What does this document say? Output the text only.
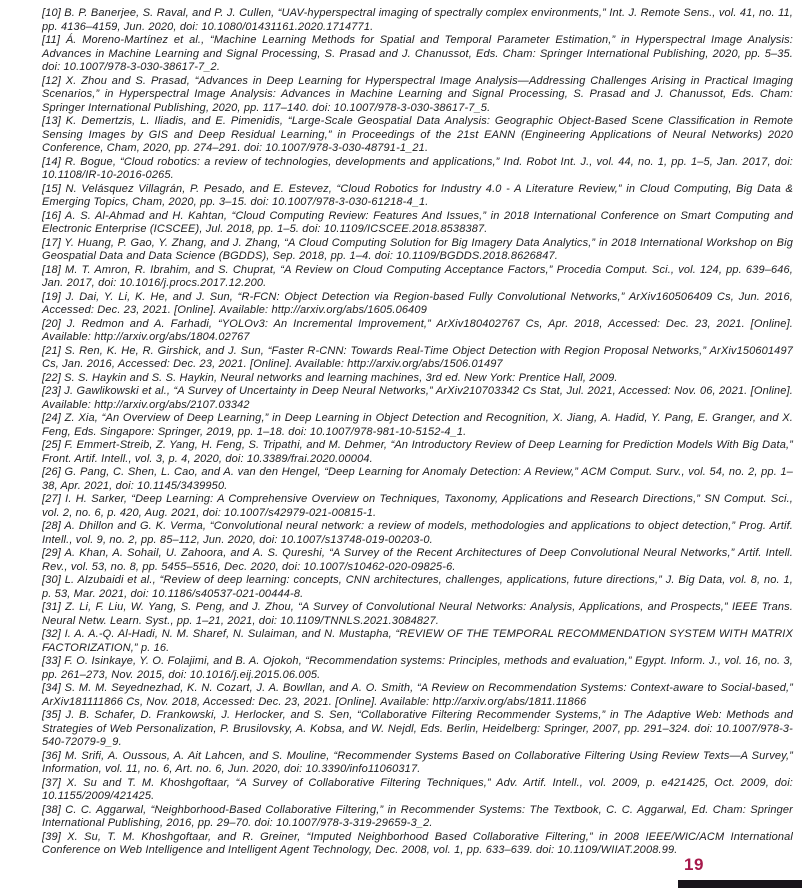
[10] B. P. Banerjee, S. Raval, and P. J. Cullen, “UAV-hyperspectral imaging of spectrally complex environments,” Int. J. Remote Sens., vol. 41, no. 11, pp. 4136–4159, Jun. 2020, doi: 10.1080/01431161.2020.1714771.

[11] Á. Moreno-Martínez et al., “Machine Learning Methods for Spatial and Temporal Parameter Estimation,” in Hyperspectral Image Analysis: Advances in Machine Learning and Signal Processing, S. Prasad and J. Chanussot, Eds. Cham: Springer International Publishing, 2020, pp. 5–35. doi: 10.1007/978-3-030-38617-7_2.

[12] X. Zhou and S. Prasad, “Advances in Deep Learning for Hyperspectral Image Analysis—Addressing Challenges Arising in Practical Imaging Scenarios,” in Hyperspectral Image Analysis: Advances in Machine Learning and Signal Processing, S. Prasad and J. Chanussot, Eds. Cham: Springer International Publishing, 2020, pp. 117–140. doi: 10.1007/978-3-030-38617-7_5.

[13] K. Demertzis, L. Iliadis, and E. Pimenidis, “Large-Scale Geospatial Data Analysis: Geographic Object-Based Scene Classification in Remote Sensing Images by GIS and Deep Residual Learning,” in Proceedings of the 21st EANN (Engineering Applications of Neural Networks) 2020 Conference, Cham, 2020, pp. 274–291. doi: 10.1007/978-3-030-48791-1_21.

[14] R. Bogue, “Cloud robotics: a review of technologies, developments and applications,” Ind. Robot Int. J., vol. 44, no. 1, pp. 1–5, Jan. 2017, doi: 10.1108/IR-10-2016-0265.

[15] N. Velásquez Villagrán, P. Pesado, and E. Estevez, “Cloud Robotics for Industry 4.0 - A Literature Review,” in Cloud Computing, Big Data & Emerging Topics, Cham, 2020, pp. 3–15. doi: 10.1007/978-3-030-61218-4_1.

[16] A. S. Al-Ahmad and H. Kahtan, “Cloud Computing Review: Features And Issues,” in 2018 International Conference on Smart Computing and Electronic Enterprise (ICSCEE), Jul. 2018, pp. 1–5. doi: 10.1109/ICSCEE.2018.8538387.

[17] Y. Huang, P. Gao, Y. Zhang, and J. Zhang, “A Cloud Computing Solution for Big Imagery Data Analytics,” in 2018 International Workshop on Big Geospatial Data and Data Science (BGDDS), Sep. 2018, pp. 1–4. doi: 10.1109/BGDDS.2018.8626847.

[18] M. T. Amron, R. Ibrahim, and S. Chuprat, “A Review on Cloud Computing Acceptance Factors,” Procedia Comput. Sci., vol. 124, pp. 639–646, Jan. 2017, doi: 10.1016/j.procs.2017.12.200.

[19] J. Dai, Y. Li, K. He, and J. Sun, “R-FCN: Object Detection via Region-based Fully Convolutional Networks,” ArXiv160506409 Cs, Jun. 2016, Accessed: Dec. 23, 2021. [Online]. Available: http://arxiv.org/abs/1605.06409

[20] J. Redmon and A. Farhadi, “YOLOv3: An Incremental Improvement,” ArXiv180402767 Cs, Apr. 2018, Accessed: Dec. 23, 2021. [Online]. Available: http://arxiv.org/abs/1804.02767

[21] S. Ren, K. He, R. Girshick, and J. Sun, “Faster R-CNN: Towards Real-Time Object Detection with Region Proposal Networks,” ArXiv150601497 Cs, Jan. 2016, Accessed: Dec. 23, 2021. [Online]. Available: http://arxiv.org/abs/1506.01497

[22] S. S. Haykin and S. S. Haykin, Neural networks and learning machines, 3rd ed. New York: Prentice Hall, 2009.

[23] J. Gawlikowski et al., “A Survey of Uncertainty in Deep Neural Networks,” ArXiv210703342 Cs Stat, Jul. 2021, Accessed: Nov. 06, 2021. [Online]. Available: http://arxiv.org/abs/2107.03342

[24] Z. Xia, “An Overview of Deep Learning,” in Deep Learning in Object Detection and Recognition, X. Jiang, A. Hadid, Y. Pang, E. Granger, and X. Feng, Eds. Singapore: Springer, 2019, pp. 1–18. doi: 10.1007/978-981-10-5152-4_1.

[25] F. Emmert-Streib, Z. Yang, H. Feng, S. Tripathi, and M. Dehmer, “An Introductory Review of Deep Learning for Prediction Models With Big Data,” Front. Artif. Intell., vol. 3, p. 4, 2020, doi: 10.3389/frai.2020.00004.

[26] G. Pang, C. Shen, L. Cao, and A. van den Hengel, “Deep Learning for Anomaly Detection: A Review,” ACM Comput. Surv., vol. 54, no. 2, pp. 1–38, Apr. 2021, doi: 10.1145/3439950.

[27] I. H. Sarker, “Deep Learning: A Comprehensive Overview on Techniques, Taxonomy, Applications and Research Directions,” SN Comput. Sci., vol. 2, no. 6, p. 420, Aug. 2021, doi: 10.1007/s42979-021-00815-1.

[28] A. Dhillon and G. K. Verma, “Convolutional neural network: a review of models, methodologies and applications to object detection,” Prog. Artif. Intell., vol. 9, no. 2, pp. 85–112, Jun. 2020, doi: 10.1007/s13748-019-00203-0.

[29] A. Khan, A. Sohail, U. Zahoora, and A. S. Qureshi, “A Survey of the Recent Architectures of Deep Convolutional Neural Networks,” Artif. Intell. Rev., vol. 53, no. 8, pp. 5455–5516, Dec. 2020, doi: 10.1007/s10462-020-09825-6.

[30] L. Alzubaidi et al., “Review of deep learning: concepts, CNN architectures, challenges, applications, future directions,” J. Big Data, vol. 8, no. 1, p. 53, Mar. 2021, doi: 10.1186/s40537-021-00444-8.

[31] Z. Li, F. Liu, W. Yang, S. Peng, and J. Zhou, “A Survey of Convolutional Neural Networks: Analysis, Applications, and Prospects,” IEEE Trans. Neural Netw. Learn. Syst., pp. 1–21, 2021, doi: 10.1109/TNNLS.2021.3084827.

[32] I. A. A.-Q. Al-Hadi, N. M. Sharef, N. Sulaiman, and N. Mustapha, “REVIEW OF THE TEMPORAL RECOMMENDATION SYSTEM WITH MATRIX FACTORIZATION,” p. 16.

[33] F. O. Isinkaye, Y. O. Folajimi, and B. A. Ojokoh, “Recommendation systems: Principles, methods and evaluation,” Egypt. Inform. J., vol. 16, no. 3, pp. 261–273, Nov. 2015, doi: 10.1016/j.eij.2015.06.005.

[34] S. M. M. Seyednezhad, K. N. Cozart, J. A. Bowllan, and A. O. Smith, “A Review on Recommendation Systems: Context-aware to Social-based,” ArXiv181111866 Cs, Nov. 2018, Accessed: Dec. 23, 2021. [Online]. Available: http://arxiv.org/abs/1811.11866

[35] J. B. Schafer, D. Frankowski, J. Herlocker, and S. Sen, “Collaborative Filtering Recommender Systems,” in The Adaptive Web: Methods and Strategies of Web Personalization, P. Brusilovsky, A. Kobsa, and W. Nejdl, Eds. Berlin, Heidelberg: Springer, 2007, pp. 291–324. doi: 10.1007/978-3-540-72079-9_9.

[36] M. Srifi, A. Oussous, A. Ait Lahcen, and S. Mouline, “Recommender Systems Based on Collaborative Filtering Using Review Texts—A Survey,” Information, vol. 11, no. 6, Art. no. 6, Jun. 2020, doi: 10.3390/info11060317.

[37] X. Su and T. M. Khoshgoftaar, “A Survey of Collaborative Filtering Techniques,” Adv. Artif. Intell., vol. 2009, p. e421425, Oct. 2009, doi: 10.1155/2009/421425.

[38] C. C. Aggarwal, “Neighborhood-Based Collaborative Filtering,” in Recommender Systems: The Textbook, C. C. Aggarwal, Ed. Cham: Springer International Publishing, 2016, pp. 29–70. doi: 10.1007/978-3-319-29659-3_2.

[39] X. Su, T. M. Khoshgoftaar, and R. Greiner, “Imputed Neighborhood Based Collaborative Filtering,” in 2008 IEEE/WIC/ACM International Conference on Web Intelligence and Intelligent Agent Technology, Dec. 2008, vol. 1, pp. 633–639. doi: 10.1109/WIIAT.2008.99.

19
